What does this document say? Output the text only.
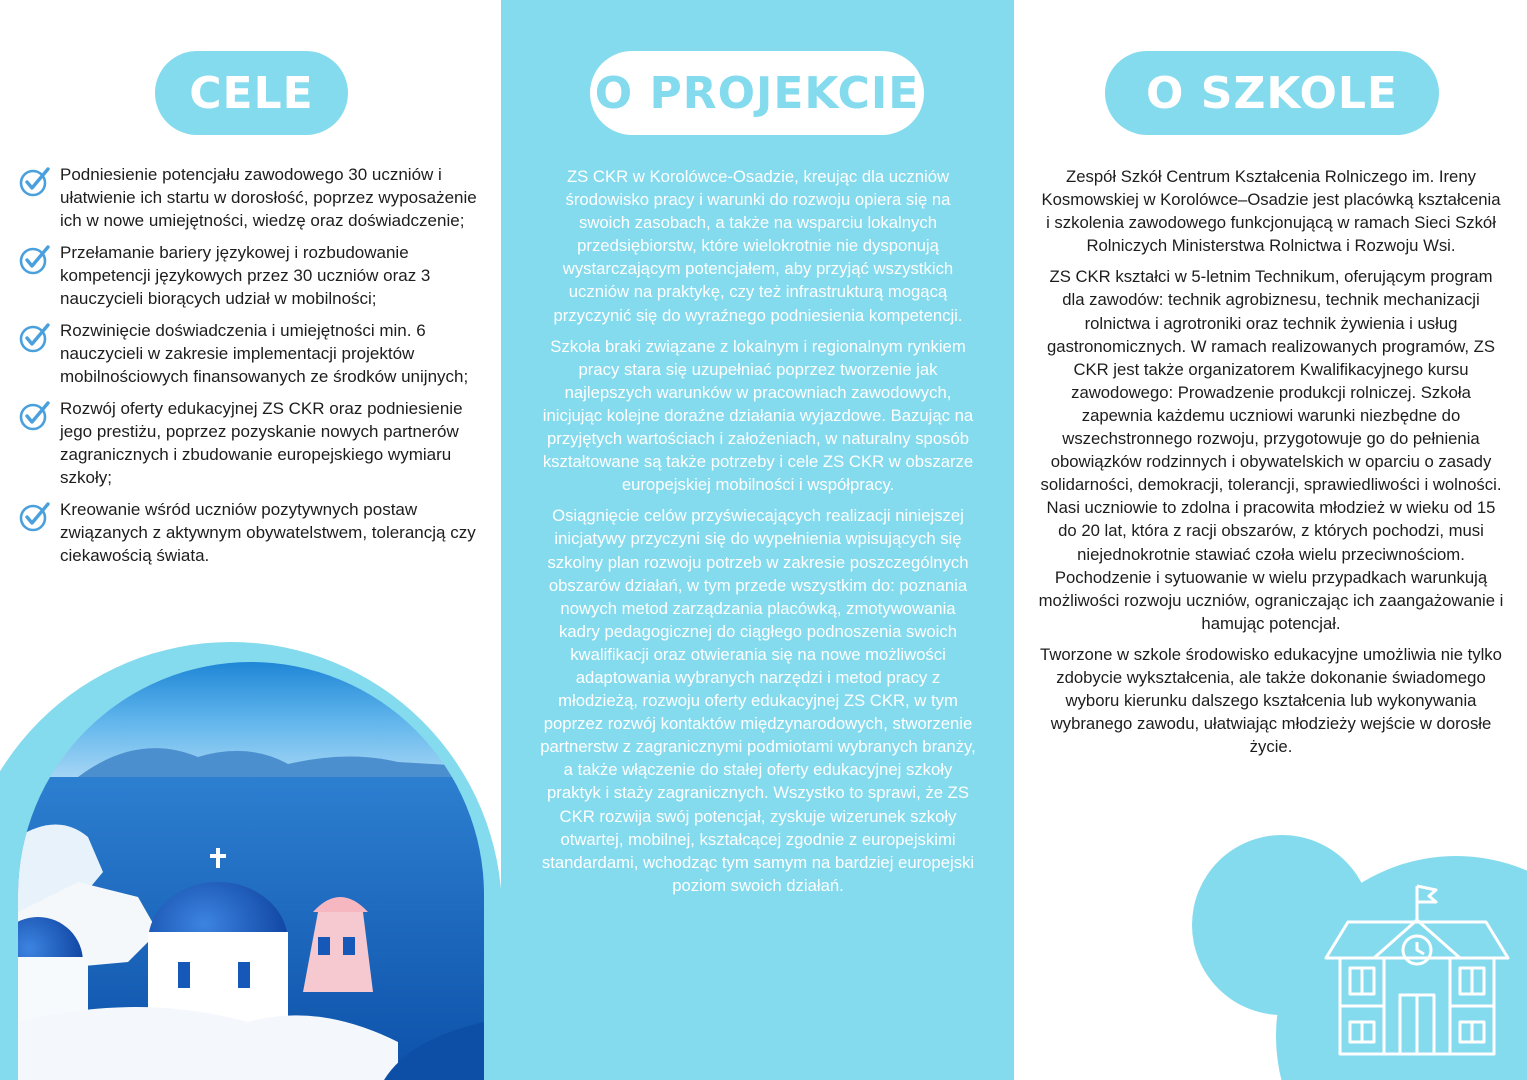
CELE
Podniesienie potencjału zawodowego 30 uczniów i ułatwienie ich startu w dorosłość, poprzez wyposażenie ich w nowe umiejętności, wiedzę oraz doświadczenie;
Przełamanie bariery językowej i rozbudowanie kompetencji językowych przez 30 uczniów oraz 3 nauczycieli biorących udział w mobilności;
Rozwinięcie doświadczenia i umiejętności min. 6 nauczycieli w zakresie implementacji projektów mobilnościowych finansowanych ze środków unijnych;
Rozwój oferty edukacyjnej ZS CKR oraz podniesienie jego prestiżu, poprzez pozyskanie nowych partnerów zagranicznych i zbudowanie europejskiego wymiaru szkoły;
Kreowanie wśród uczniów pozytywnych postaw związanych z aktywnym obywatelstwem, tolerancją czy ciekawością świata.
O PROJEKCIE

ZS CKR w Korolówce-Osadzie, kreując dla uczniów środowisko pracy i warunki do rozwoju opiera się na swoich zasobach, a także na wsparciu lokalnych przedsiębiorstw, które wielokrotnie nie dysponują wystarczającym potencjałem, aby przyjąć wszystkich uczniów na praktykę, czy też infrastrukturą mogącą przyczynić się do wyraźnego podniesienia kompetencji.

Szkoła braki związane z lokalnym i regionalnym rynkiem pracy stara się uzupełniać poprzez tworzenie jak najlepszych warunków w pracowniach zawodowych, inicjując kolejne doraźne działania wyjazdowe. Bazując na przyjętych wartościach i założeniach, w naturalny sposób kształtowane są także potrzeby i cele ZS CKR w obszarze europejskiej mobilności i współpracy.

Osiągnięcie celów przyświecających realizacji niniejszej inicjatywy przyczyni się do wypełnienia wpisujących się szkolny plan rozwoju potrzeb w zakresie poszczególnych obszarów działań, w tym przede wszystkim do: poznania nowych metod zarządzania placówką, zmotywowania kadry pedagogicznej do ciągłego podnoszenia swoich kwalifikacji oraz otwierania się na nowe możliwości adaptowania wybranych narzędzi i metod pracy z młodzieżą, rozwoju oferty edukacyjnej ZS CKR, w tym poprzez rozwój kontaktów międzynarodowych, stworzenie partnerstw z zagranicznymi podmiotami wybranych branży, a także włączenie do stałej oferty edukacyjnej szkoły praktyk i staży zagranicznych. Wszystko to sprawi, że ZS CKR rozwija swój potencjał, zyskuje wizerunek szkoły otwartej, mobilnej, kształcącej zgodnie z europejskimi standardami, wchodząc tym samym na bardziej europejski poziom swoich działań.

O SZKOLE

Zespół Szkół Centrum Kształcenia Rolniczego im. Ireny Kosmowskiej w Korolówce–Osadzie jest placówką kształcenia i szkolenia zawodowego funkcjonującą w ramach Sieci Szkół Rolniczych Ministerstwa Rolnictwa i Rozwoju Wsi.

ZS CKR kształci w 5-letnim Technikum, oferującym program dla zawodów: technik agrobiznesu, technik mechanizacji rolnictwa i agrotroniki oraz technik żywienia i usług gastronomicznych. W ramach realizowanych programów, ZS CKR jest także organizatorem Kwalifikacyjnego kursu zawodowego: Prowadzenie produkcji rolniczej. Szkoła zapewnia każdemu uczniowi warunki niezbędne do wszechstronnego rozwoju, przygotowuje go do pełnienia obowiązków rodzinnych i obywatelskich w oparciu o zasady solidarności, demokracji, tolerancji, sprawiedliwości i wolności. Nasi uczniowie to zdolna i pracowita młodzież w wieku od 15 do 20 lat, która z racji obszarów, z których pochodzi, musi niejednokrotnie stawiać czoła wielu przeciwnościom. Pochodzenie i sytuowanie w wielu przypadkach warunkują możliwości rozwoju uczniów, ograniczając ich zaangażowanie i hamując potencjał.

Tworzone w szkole środowisko edukacyjne umożliwia nie tylko zdobycie wykształcenia, ale także dokonanie świadomego wyboru kierunku dalszego kształcenia lub wykonywania wybranego zawodu, ułatwiając młodzieży wejście w dorosłe życie.
